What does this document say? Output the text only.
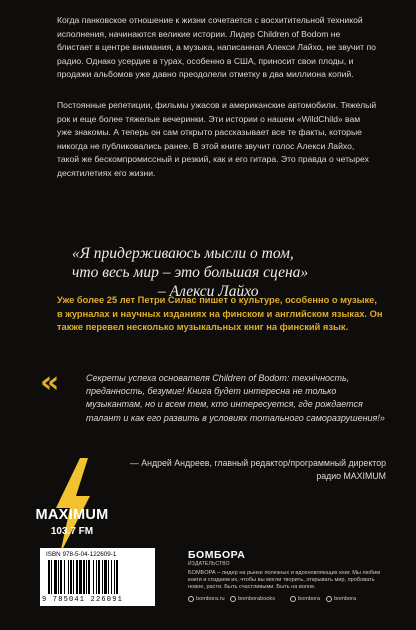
Когда панковское отношение к жизни сочетается с восхитительной техникой исполнения, начинаются великие истории. Лидер Children of Bodom не блистает в центре внимания, а музыка, написанная Алекси Лайхо, не звучит по радио. Однако усердие в турах, особенно в США, приносит свои плоды, и продажи альбомов уже давно преодолели отметку в два миллиона копий.
Постоянные репетиции, фильмы ужасов и американские автомобили. Тяжелый рок и еще более тяжелые вечеринки. Эти истории о нашем «WildChild» вам уже знакомы. А теперь он сам открыто рассказывает все те факты, которые никогда не публиковались ранее. В этой книге звучит голос Алекси Лайхо, такой же бескомпромиссный и резкий, как и его гитара. Это правда о четырех десятилетиях его жизни.
«Я придерживаюсь мысли о том,
что весь мир – это большая сцена»
– Алекси Лайхо
Уже более 25 лет Петри Силас пишет о культуре, особенно о музыке,
в журналах и научных изданиях на финском и английском языках. Он
также перевел несколько музыкальных книг на финский язык.
«	Секреты успеха основателя Children of Bodom: технічность, преданность, безумие! Книга будет интересна не только музыкантам, но и всем тем, кто интересуется, где рождается талант и как его развить в условиях тотального саморазрушения!»
— Андрей Андреев, главный редактор/программный директор
радио MAXIMUM
MAXIMUM
103.7 FM
ISBN 978-5-04-122609-1
9 785041 226091
БОМБОРА
ИЗДАТЕЛЬСТВО
БОМБОРА – лидер на рынке полезных и вдохновляющих книг. Мы любим книги и создаем их, чтобы вы могли творить, открывать мир, пробовать новое, расти. Быть счастливыми. Быть на волне.
bombora.ru bomborabooks	bombora bombora
